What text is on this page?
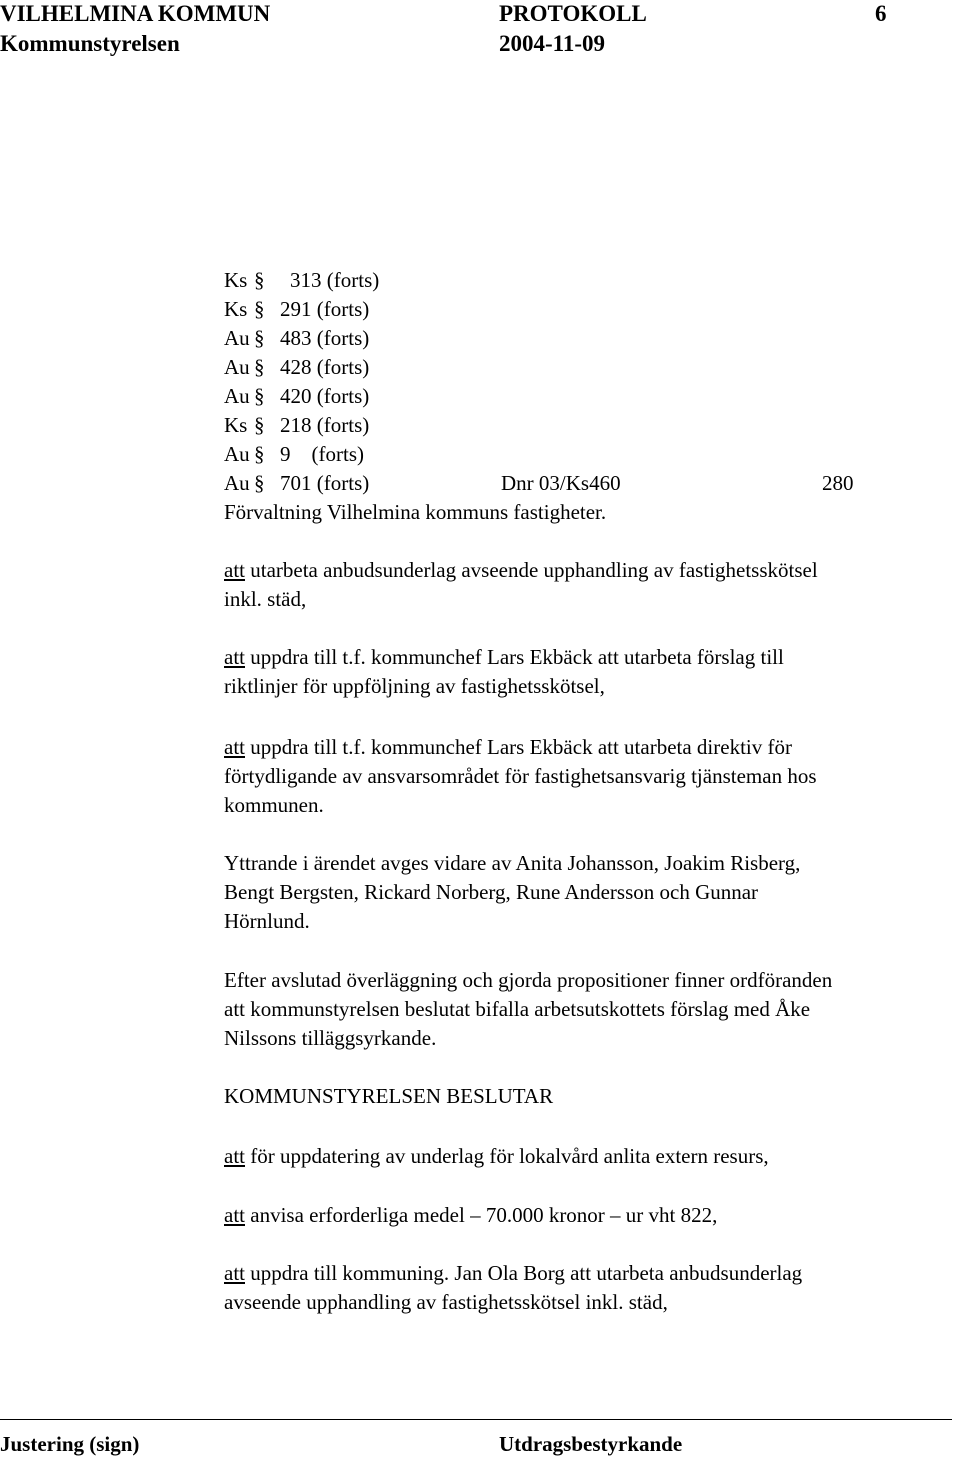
VILHELMINA KOMMUN	PROTOKOLL	6
Kommunstyrelsen	2004-11-09
Ks § 313 (forts)
Ks § 291 (forts)
Au § 483 (forts)
Au § 428 (forts)
Au § 420 (forts)
Ks § 218 (forts)
Au § 9    (forts)
Au § 701 (forts)	Dnr 03/Ks460	280
Förvaltning Vilhelmina kommuns fastigheter.
att utarbeta anbudsunderlag avseende upphandling av fastighetsskötsel
inkl. städ,
att uppdra till t.f. kommunchef Lars Ekbäck att utarbeta förslag till
riktlinjer för uppföljning av fastighetsskötsel,
att uppdra till t.f. kommunchef Lars Ekbäck att utarbeta direktiv för
förtydligande av ansvarsområdet för fastighetsansvarig tjänsteman hos
kommunen.
Yttrande i ärendet avges vidare av Anita Johansson, Joakim Risberg,
Bengt Bergsten, Rickard Norberg, Rune Andersson och Gunnar
Hörnlund.
Efter avslutad överläggning och gjorda propositioner finner ordföranden
att kommunstyrelsen beslutat bifalla arbetsutskottets förslag med Åke
Nilssons tilläggsyrkande.
KOMMUNSTYRELSEN BESLUTAR
att för uppdatering av underlag för lokalvård anlita extern resurs,
att anvisa erforderliga medel – 70.000 kronor – ur vht 822,
att uppdra till kommuning. Jan Ola Borg att utarbeta anbudsunderlag
avseende upphandling av fastighetsskötsel inkl. städ,
Justering (sign)	Utdragsbestyrkande
